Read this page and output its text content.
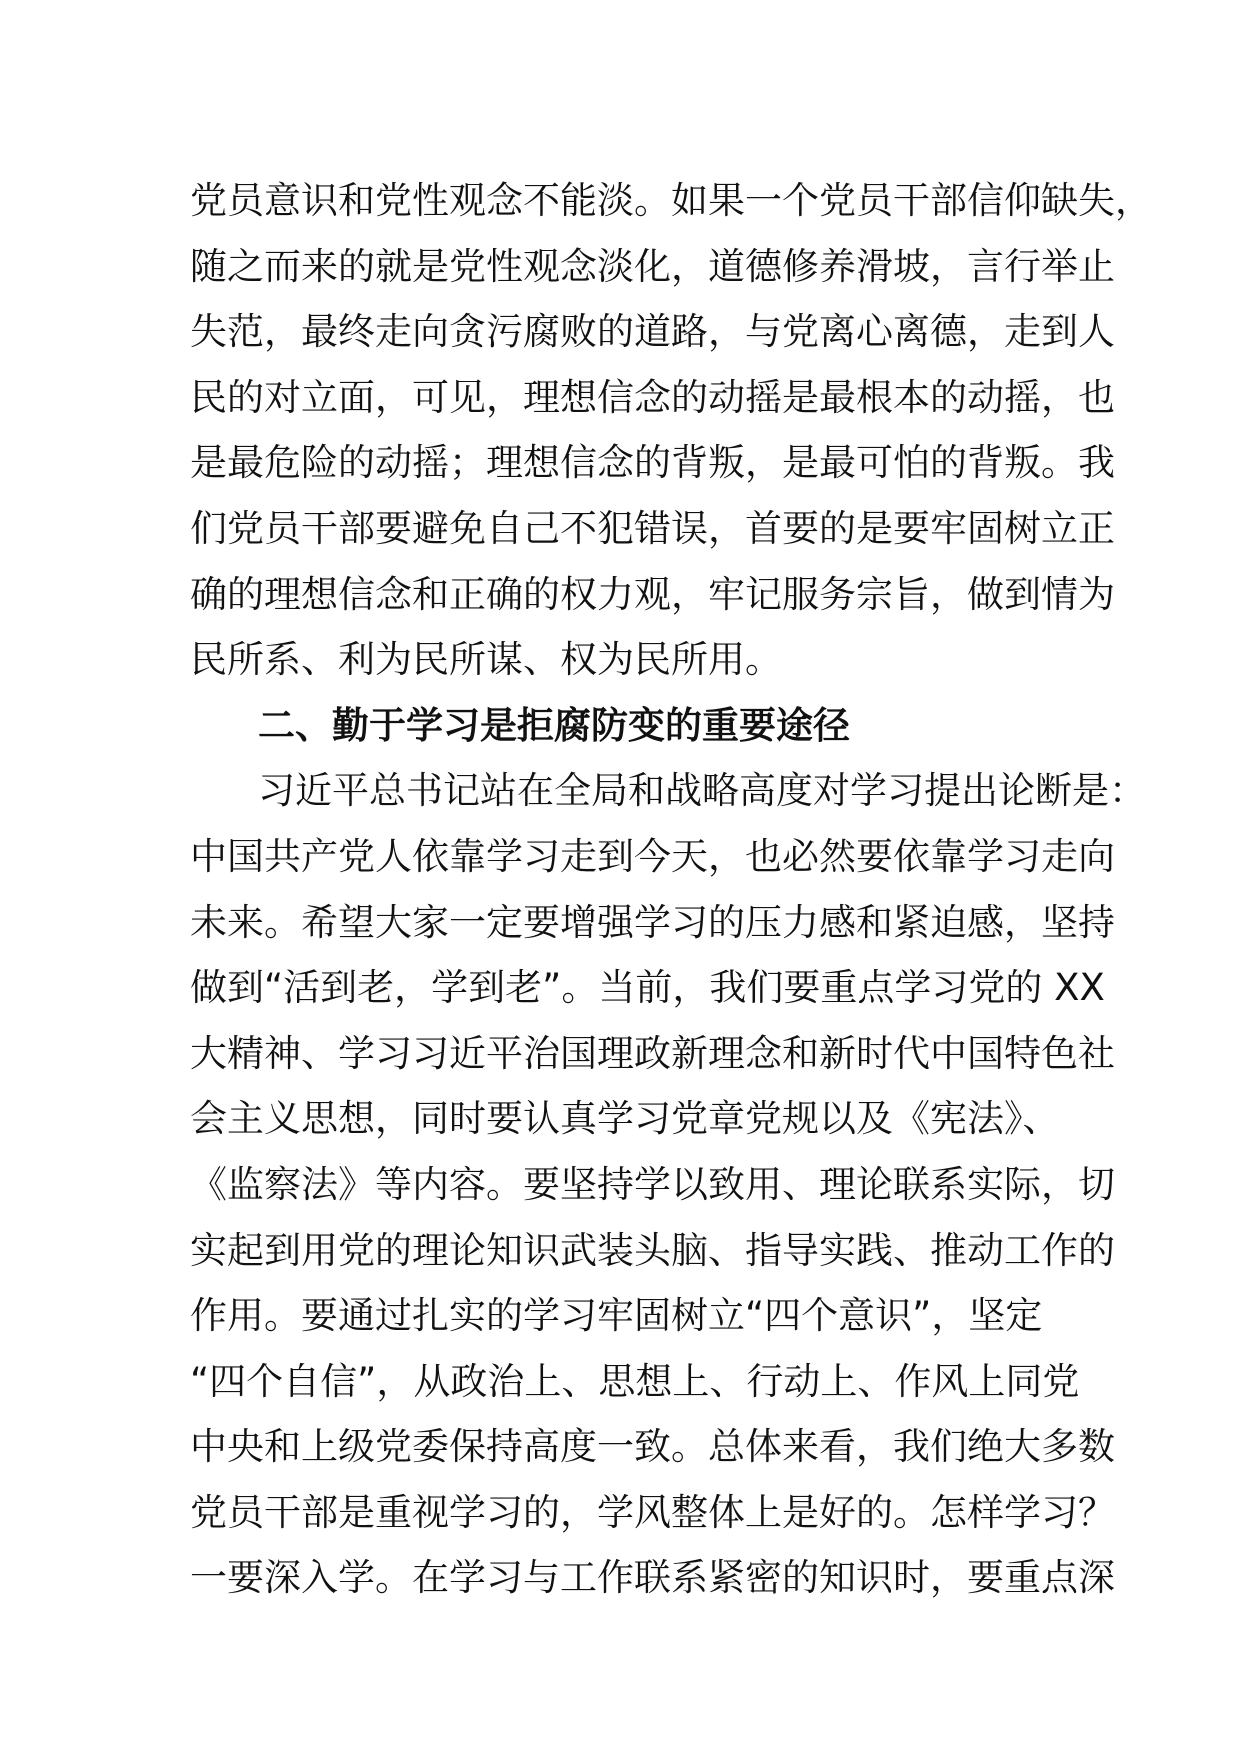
党员意识和党性观念不能淡。如果一个党员干部信仰缺失，
随之而来的就是党性观念淡化，道德修养滑坡，言行举止
失范，最终走向贪污腐败的道路，与党离心离德，走到人
民的对立面，可见，理想信念的动摇是最根本的动摇，也
是最危险的动摇；理想信念的背叛，是最可怕的背叛。我
们党员干部要避免自己不犯错误，首要的是要牢固树立正
确的理想信念和正确的权力观，牢记服务宗旨，做到情为
民所系、利为民所谋、权为民所用。
二、勤于学习是拒腐防变的重要途径
习近平总书记站在全局和战略高度对学习提出论断是：
中国共产党人依靠学习走到今天，也必然要依靠学习走向
未来。希望大家一定要增强学习的压力感和紧迫感，坚持
做到“活到老，学到老”。当前，我们要重点学习党的 XX
大精神、学习习近平治国理政新理念和新时代中国特色社
会主义思想，同时要认真学习党章党规以及《宪法》、
《监察法》等内容。要坚持学以致用、理论联系实际，切
实起到用党的理论知识武装头脑、指导实践、推动工作的
作用。要通过扎实的学习牢固树立“四个意识”，坚定
“四个自信”，从政治上、思想上、行动上、作风上同党
中央和上级党委保持高度一致。总体来看，我们绝大多数
党员干部是重视学习的，学风整体上是好的。怎样学习？
一要深入学。在学习与工作联系紧密的知识时，要重点深
